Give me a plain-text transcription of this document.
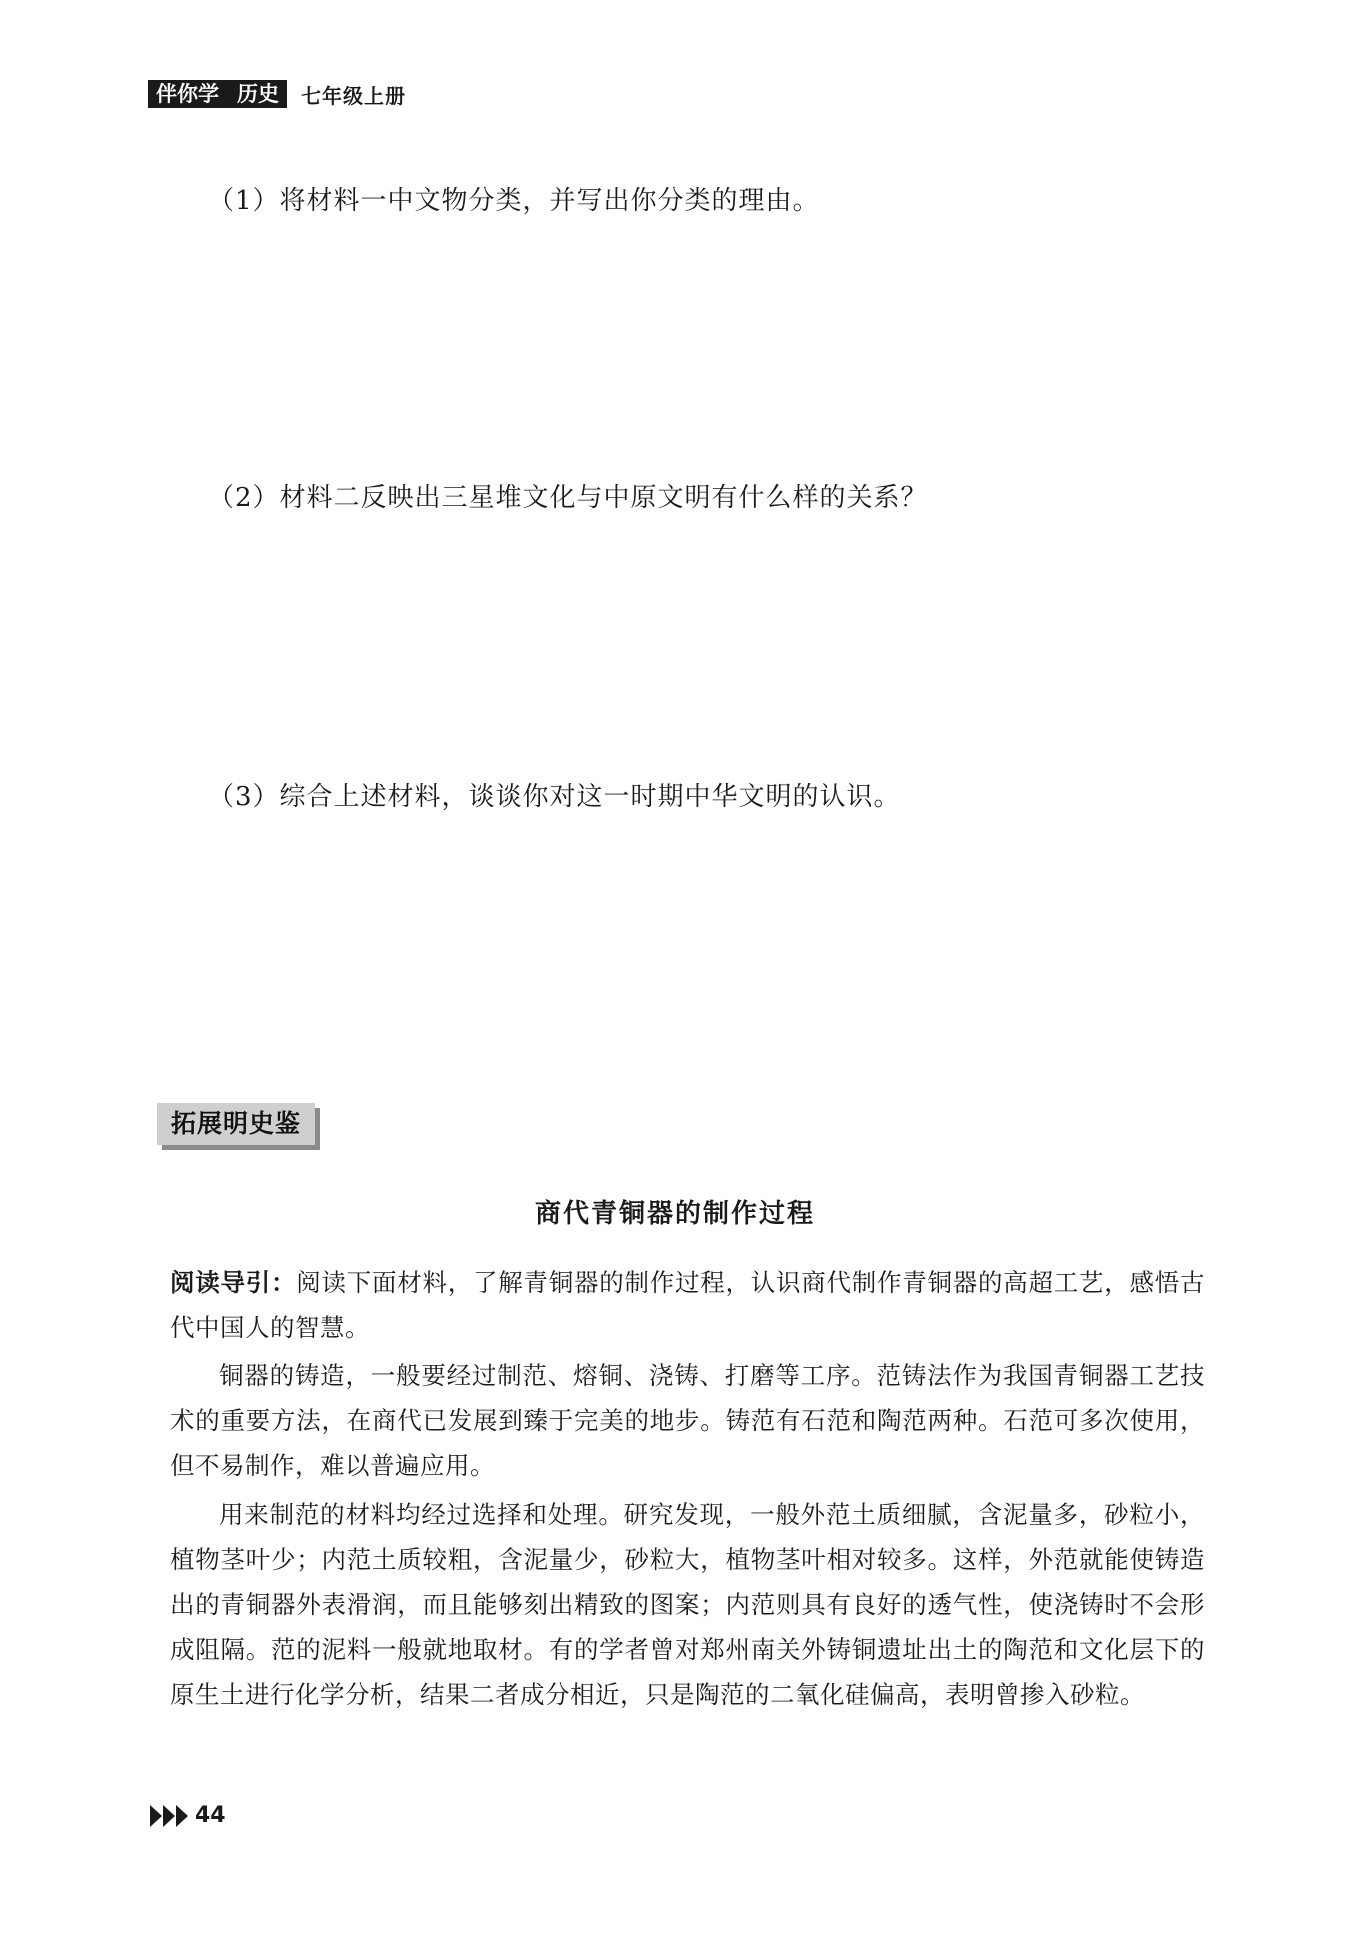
伴你学 历史 七年级上册
（1）将材料一中文物分类，并写出你分类的理由。
（2）材料二反映出三星堆文化与中原文明有什么样的关系？
（3）综合上述材料，谈谈你对这一时期中华文明的认识。
拓展明史鉴
商代青铜器的制作过程
阅读导引：阅读下面材料，了解青铜器的制作过程，认识商代制作青铜器的高超工艺，感悟古代中国人的智慧。
铜器的铸造，一般要经过制范、熔铜、浇铸、打磨等工序。范铸法作为我国青铜器工艺技术的重要方法，在商代已发展到臻于完美的地步。铸范有石范和陶范两种。石范可多次使用，但不易制作，难以普遍应用。
用来制范的材料均经过选择和处理。研究发现，一般外范土质细腻，含泥量多，砂粒小，植物茎叶少；内范土质较粗，含泥量少，砂粒大，植物茎叶相对较多。这样，外范就能使铸造出的青铜器外表滑润，而且能够刻出精致的图案；内范则具有良好的透气性，使浇铸时不会形成阻隔。范的泥料一般就地取材。有的学者曾对郑州南关外铸铜遗址出土的陶范和文化层下的原生土进行化学分析，结果二者成分相近，只是陶范的二氧化硅偏高，表明曾掺入砂粒。
44
